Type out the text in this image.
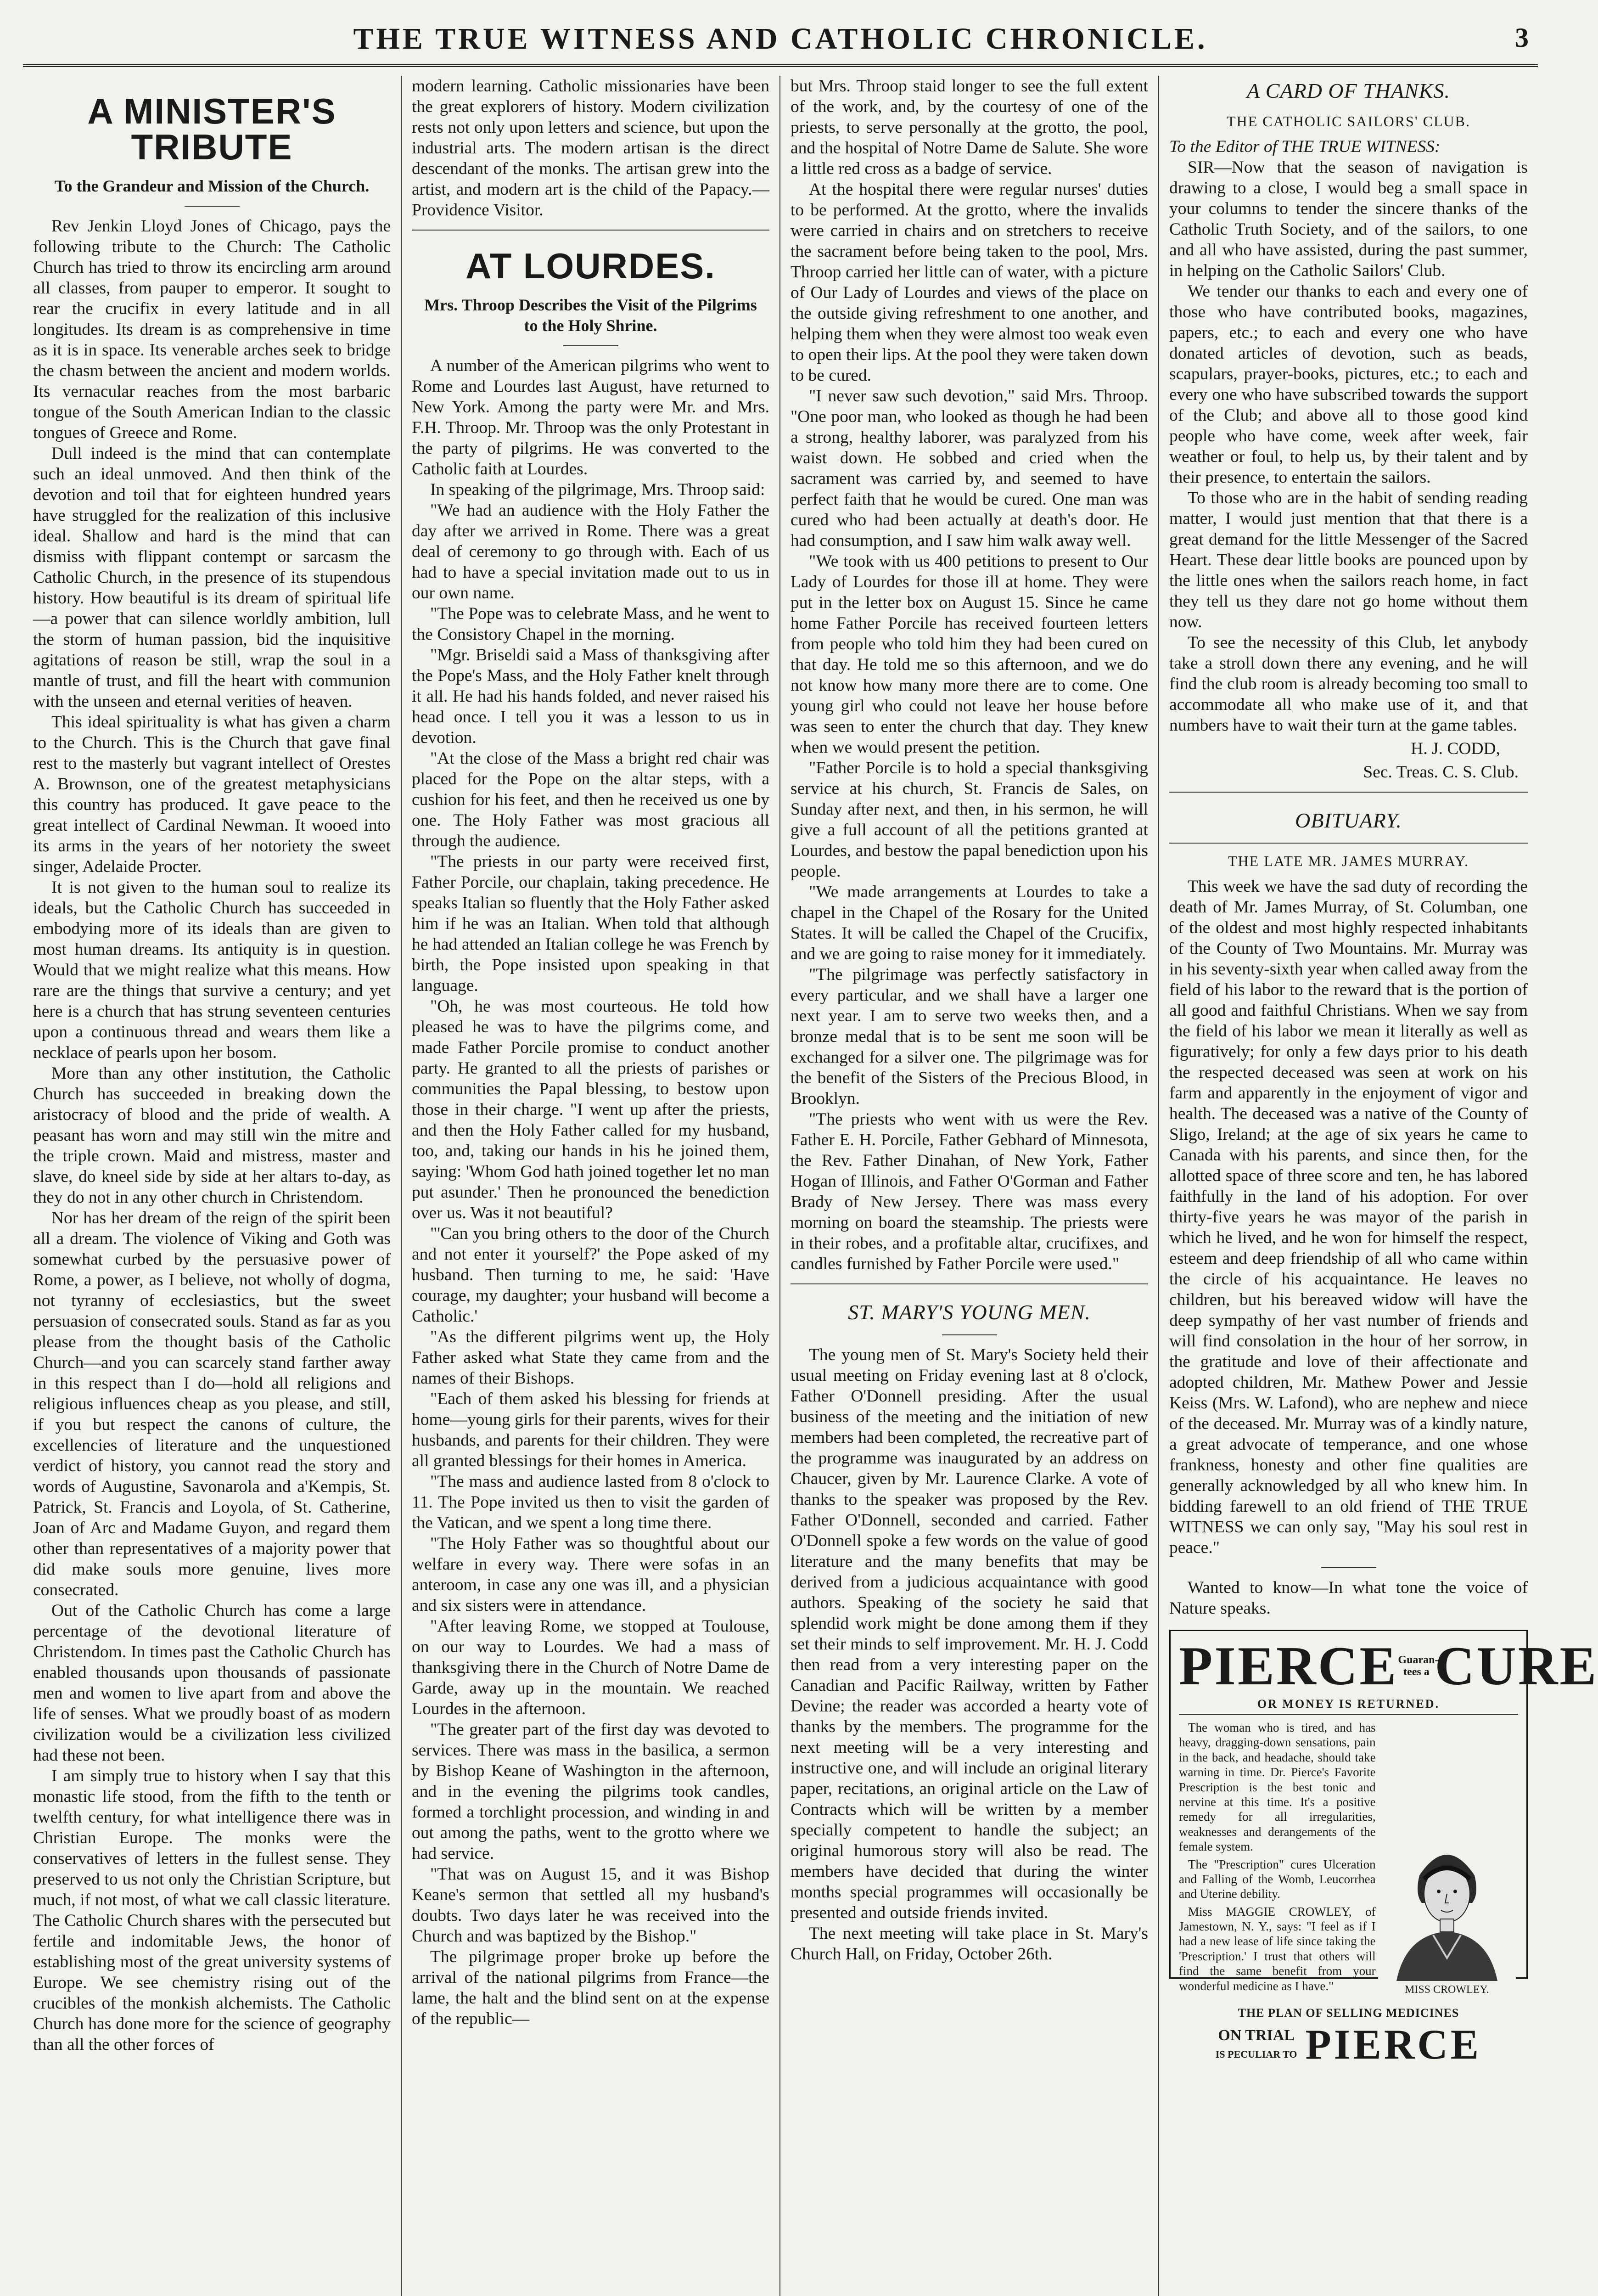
THE TRUE WITNESS AND CATHOLIC CHRONICLE.	3
A MINISTER'S TRIBUTE
To the Grandeur and Mission of the Church.

Rev Jenkin Lloyd Jones of Chicago, pays the following tribute to the Church: The Catholic Church has tried to throw its encircling arm around all classes, from pauper to emperor. It sought to rear the crucifix in every latitude and in all longitudes. Its dream is as comprehensive in time as it is in space. Its venerable arches seek to bridge the chasm between the ancient and modern worlds. Its vernacular reaches from the most barbaric tongue of the South American Indian to the classic tongues of Greece and Rome.

Dull indeed is the mind that can contemplate such an ideal unmoved. And then think of the devotion and toil that for eighteen hundred years have struggled for the realization of this inclusive ideal. Shallow and hard is the mind that can dismiss with flippant contempt or sarcasm the Catholic Church, in the presence of its stupendous history. How beautiful is its dream of spiritual life—a power that can silence worldly ambition, lull the storm of human passion, bid the inquisitive agitations of reason be still, wrap the soul in a mantle of trust, and fill the heart with communion with the unseen and eternal verities of heaven.

This ideal spirituality is what has given a charm to the Church. This is the Church that gave final rest to the masterly but vagrant intellect of Orestes A. Brownson, one of the greatest metaphysicians this country has produced. It gave peace to the great intellect of Cardinal Newman. It wooed into its arms in the years of her notoriety the sweet singer, Adelaide Procter.

It is not given to the human soul to realize its ideals, but the Catholic Church has succeeded in embodying more of its ideals than are given to most human dreams. Its antiquity is in question. Would that we might realize what this means. How rare are the things that survive a century; and yet here is a church that has strung seventeen centuries upon a continuous thread and wears them like a necklace of pearls upon her bosom.

More than any other institution, the Catholic Church has succeeded in breaking down the aristocracy of blood and the pride of wealth. A peasant has worn and may still win the mitre and the triple crown. Maid and mistress, master and slave, do kneel side by side at her altars to-day, as they do not in any other church in Christendom.

Nor has her dream of the reign of the spirit been all a dream. The violence of Viking and Goth was somewhat curbed by the persuasive power of Rome, a power, as I believe, not wholly of dogma, not tyranny of ecclesiastics, but the sweet persuasion of consecrated souls. Stand as far as you please from the thought basis of the Catholic Church—and you can scarcely stand farther away in this respect than I do—hold all religions and religious influences cheap as you please, and still, if you but respect the canons of culture, the excellencies of literature and the unquestioned verdict of history, you cannot read the story and words of Augustine, Savonarola and a'Kempis, St. Patrick, St. Francis and Loyola, of St. Catherine, Joan of Arc and Madame Guyon, and regard them other than representatives of a majority power that did make souls more genuine, lives more consecrated.

Out of the Catholic Church has come a large percentage of the devotional literature of Christendom. In times past the Catholic Church has enabled thousands upon thousands of passionate men and women to live apart from and above the life of senses. What we proudly boast of as modern civilization would be a civilization less civilized had these not been.

I am simply true to history when I say that this monastic life stood, from the fifth to the tenth or twelfth century, for what intelligence there was in Christian Europe. The monks were the conservatives of letters in the fullest sense. They preserved to us not only the Christian Scripture, but much, if not most, of what we call classic literature. The Catholic Church shares with the persecuted but fertile and indomitable Jews, the honor of establishing most of the great university systems of Europe. We see chemistry rising out of the crucibles of the monkish alchemists. The Catholic Church has done more for the science of geography than all the other forces of

modern learning. Catholic missionaries have been the great explorers of history. Modern civilization rests not only upon letters and science, but upon the industrial arts. The modern artisan is the direct descendant of the monks. The artisan grew into the artist, and modern art is the child of the Papacy.—Providence Visitor.

AT LOURDES.
Mrs. Throop Describes the Visit of the Pilgrims to the Holy Shrine.

A number of the American pilgrims who went to Rome and Lourdes last August, have returned to New York. Among the party were Mr. and Mrs. F.H. Throop. Mr. Throop was the only Protestant in the party of pilgrims. He was converted to the Catholic faith at Lourdes.

In speaking of the pilgrimage, Mrs. Throop said:

"We had an audience with the Holy Father the day after we arrived in Rome. There was a great deal of ceremony to go through with. Each of us had to have a special invitation made out to us in our own name.

"The Pope was to celebrate Mass, and he went to the Consistory Chapel in the morning.

"Mgr. Briseldi said a Mass of thanksgiving after the Pope's Mass, and the Holy Father knelt through it all. He had his hands folded, and never raised his head once. I tell you it was a lesson to us in devotion.

"At the close of the Mass a bright red chair was placed for the Pope on the altar steps, with a cushion for his feet, and then he received us one by one. The Holy Father was most gracious all through the audience.

"The priests in our party were received first, Father Porcile, our chaplain, taking precedence. He speaks Italian so fluently that the Holy Father asked him if he was an Italian. When told that although he had attended an Italian college he was French by birth, the Pope insisted upon speaking in that language.

"Oh, he was most courteous. He told how pleased he was to have the pilgrims come, and made Father Porcile promise to conduct another party. He granted to all the priests of parishes or communities the Papal blessing, to bestow upon those in their charge. "I went up after the priests, and then the Holy Father called for my husband, too, and, taking our hands in his he joined them, saying: 'Whom God hath joined together let no man put asunder.' Then he pronounced the benediction over us. Was it not beautiful?

"'Can you bring others to the door of the Church and not enter it yourself?' the Pope asked of my husband. Then turning to me, he said: 'Have courage, my daughter; your husband will become a Catholic.'

"As the different pilgrims went up, the Holy Father asked what State they came from and the names of their Bishops.

"Each of them asked his blessing for friends at home—young girls for their parents, wives for their husbands, and parents for their children. They were all granted blessings for their homes in America.

"The mass and audience lasted from 8 o'clock to 11. The Pope invited us then to visit the garden of the Vatican, and we spent a long time there.

"The Holy Father was so thoughtful about our welfare in every way. There were sofas in an anteroom, in case any one was ill, and a physician and six sisters were in attendance.

"After leaving Rome, we stopped at Toulouse, on our way to Lourdes. We had a mass of thanksgiving there in the Church of Notre Dame de Garde, away up in the mountain. We reached Lourdes in the afternoon.

"The greater part of the first day was devoted to services. There was mass in the basilica, a sermon by Bishop Keane of Washington in the afternoon, and in the evening the pilgrims took candles, formed a torchlight procession, and winding in and out among the paths, went to the grotto where we had service.

"That was on August 15, and it was Bishop Keane's sermon that settled all my husband's doubts. Two days later he was received into the Church and was baptized by the Bishop."

The pilgrimage proper broke up before the arrival of the national pilgrims from France—the lame, the halt and the blind sent on at the expense of the republic—

but Mrs. Throop staid longer to see the full extent of the work, and, by the courtesy of one of the priests, to serve personally at the grotto, the pool, and the hospital of Notre Dame de Salute. She wore a little red cross as a badge of service.

At the hospital there were regular nurses' duties to be performed. At the grotto, where the invalids were carried in chairs and on stretchers to receive the sacrament before being taken to the pool, Mrs. Throop carried her little can of water, with a picture of Our Lady of Lourdes and views of the place on the outside giving refreshment to one another, and helping them when they were almost too weak even to open their lips. At the pool they were taken down to be cured.

"I never saw such devotion," said Mrs. Throop. "One poor man, who looked as though he had been a strong, healthy laborer, was paralyzed from his waist down. He sobbed and cried when the sacrament was carried by, and seemed to have perfect faith that he would be cured. One man was cured who had been actually at death's door. He had consumption, and I saw him walk away well.

"We took with us 400 petitions to present to Our Lady of Lourdes for those ill at home. They were put in the letter box on August 15. Since he came home Father Porcile has received fourteen letters from people who told him they had been cured on that day. He told me so this afternoon, and we do not know how many more there are to come. One young girl who could not leave her house before was seen to enter the church that day. They knew when we would present the petition.

"Father Porcile is to hold a special thanksgiving service at his church, St. Francis de Sales, on Sunday after next, and then, in his sermon, he will give a full account of all the petitions granted at Lourdes, and bestow the papal benediction upon his people.

"We made arrangements at Lourdes to take a chapel in the Chapel of the Rosary for the United States. It will be called the Chapel of the Crucifix, and we are going to raise money for it immediately.

"The pilgrimage was perfectly satisfactory in every particular, and we shall have a larger one next year. I am to serve two weeks then, and a bronze medal that is to be sent me soon will be exchanged for a silver one. The pilgrimage was for the benefit of the Sisters of the Precious Blood, in Brooklyn.

"The priests who went with us were the Rev. Father E. H. Porcile, Father Gebhard of Minnesota, the Rev. Father Dinahan, of New York, Father Hogan of Illinois, and Father O'Gorman and Father Brady of New Jersey. There was mass every morning on board the steamship. The priests were in their robes, and a profitable altar, crucifixes, and candles furnished by Father Porcile were used."

ST. MARY'S YOUNG MEN.

The young men of St. Mary's Society held their usual meeting on Friday evening last at 8 o'clock, Father O'Donnell presiding. After the usual business of the meeting and the initiation of new members had been completed, the recreative part of the programme was inaugurated by an address on Chaucer, given by Mr. Laurence Clarke. A vote of thanks to the speaker was proposed by the Rev. Father O'Donnell, seconded and carried. Father O'Donnell spoke a few words on the value of good literature and the many benefits that may be derived from a judicious acquaintance with good authors. Speaking of the society he said that splendid work might be done among them if they set their minds to self improvement. Mr. H. J. Codd then read from a very interesting paper on the Canadian and Pacific Railway, written by Father Devine; the reader was accorded a hearty vote of thanks by the members. The programme for the next meeting will be a very interesting and instructive one, and will include an original literary paper, recitations, an original article on the Law of Contracts which will be written by a member specially competent to handle the subject; an original humorous story will also be read. The members have decided that during the winter months special programmes will occasionally be presented and outside friends invited.

The next meeting will take place in St. Mary's Church Hall, on Friday, October 26th.

A CARD OF THANKS.
THE CATHOLIC SAILORS' CLUB.

To the Editor of THE TRUE WITNESS:

SIR—Now that the season of navigation is drawing to a close, I would beg a small space in your columns to tender the sincere thanks of the Catholic Truth Society, and of the sailors, to one and all who have assisted, during the past summer, in helping on the Catholic Sailors' Club.

We tender our thanks to each and every one of those who have contributed books, magazines, papers, etc.; to each and every one who have donated articles of devotion, such as beads, scapulars, prayer-books, pictures, etc.; to each and every one who have subscribed towards the support of the Club; and above all to those good kind people who have come, week after week, fair weather or foul, to help us, by their talent and by their presence, to entertain the sailors.

To those who are in the habit of sending reading matter, I would just mention that that there is a great demand for the little Messenger of the Sacred Heart. These dear little books are pounced upon by the little ones when the sailors reach home, in fact they tell us they dare not go home without them now.

To see the necessity of this Club, let anybody take a stroll down there any evening, and he will find the club room is already becoming too small to accommodate all who make use of it, and that numbers have to wait their turn at the game tables.

H. J. CODD,
Sec. Treas. C. S. Club.
OBITUARY.
THE LATE MR. JAMES MURRAY.

This week we have the sad duty of recording the death of Mr. James Murray, of St. Columban, one of the oldest and most highly respected inhabitants of the County of Two Mountains. Mr. Murray was in his seventy-sixth year when called away from the field of his labor to the reward that is the portion of all good and faithful Christians. When we say from the field of his labor we mean it literally as well as figuratively; for only a few days prior to his death the respected deceased was seen at work on his farm and apparently in the enjoyment of vigor and health. The deceased was a native of the County of Sligo, Ireland; at the age of six years he came to Canada with his parents, and since then, for the allotted space of three score and ten, he has labored faithfully in the land of his adoption. For over thirty-five years he was mayor of the parish in which he lived, and he won for himself the respect, esteem and deep friendship of all who came within the circle of his acquaintance. He leaves no children, but his bereaved widow will have the deep sympathy of her vast number of friends and will find consolation in the hour of her sorrow, in the gratitude and love of their affectionate and adopted children, Mr. Mathew Power and Jessie Keiss (Mrs. W. Lafond), who are nephew and niece of the deceased. Mr. Murray was of a kindly nature, a great advocate of temperance, and one whose frankness, honesty and other fine qualities are generally acknowledged by all who knew him. In bidding farewell to an old friend of THE TRUE WITNESS we can only say, "May his soul rest in peace."

Wanted to know—In what tone the voice of Nature speaks.

PIERCE Guaran-tees a CURE
OR MONEY IS RETURNED.

The woman who is tired, and has heavy, dragging-down sensations, pain in the back, and headache, should take warning in time. Dr. Pierce's Favorite Prescription is the best tonic and nervine at this time. It's a positive remedy for all irregularities, weaknesses and derangements of the female system.

The "Prescription" cures Ulceration and Falling of the Womb, Leucorrhea and Uterine debility.

Miss MAGGIE CROWLEY, of Jamestown, N. Y., says: "I feel as if I had a new lease of life since taking the 'Prescription.' I trust that others will find the same benefit from your wonderful medicine as I have."	MISS CROWLEY.
THE PLAN OF SELLING MEDICINES
ON TRIAL
IS PECULIAR TO PIERCE
